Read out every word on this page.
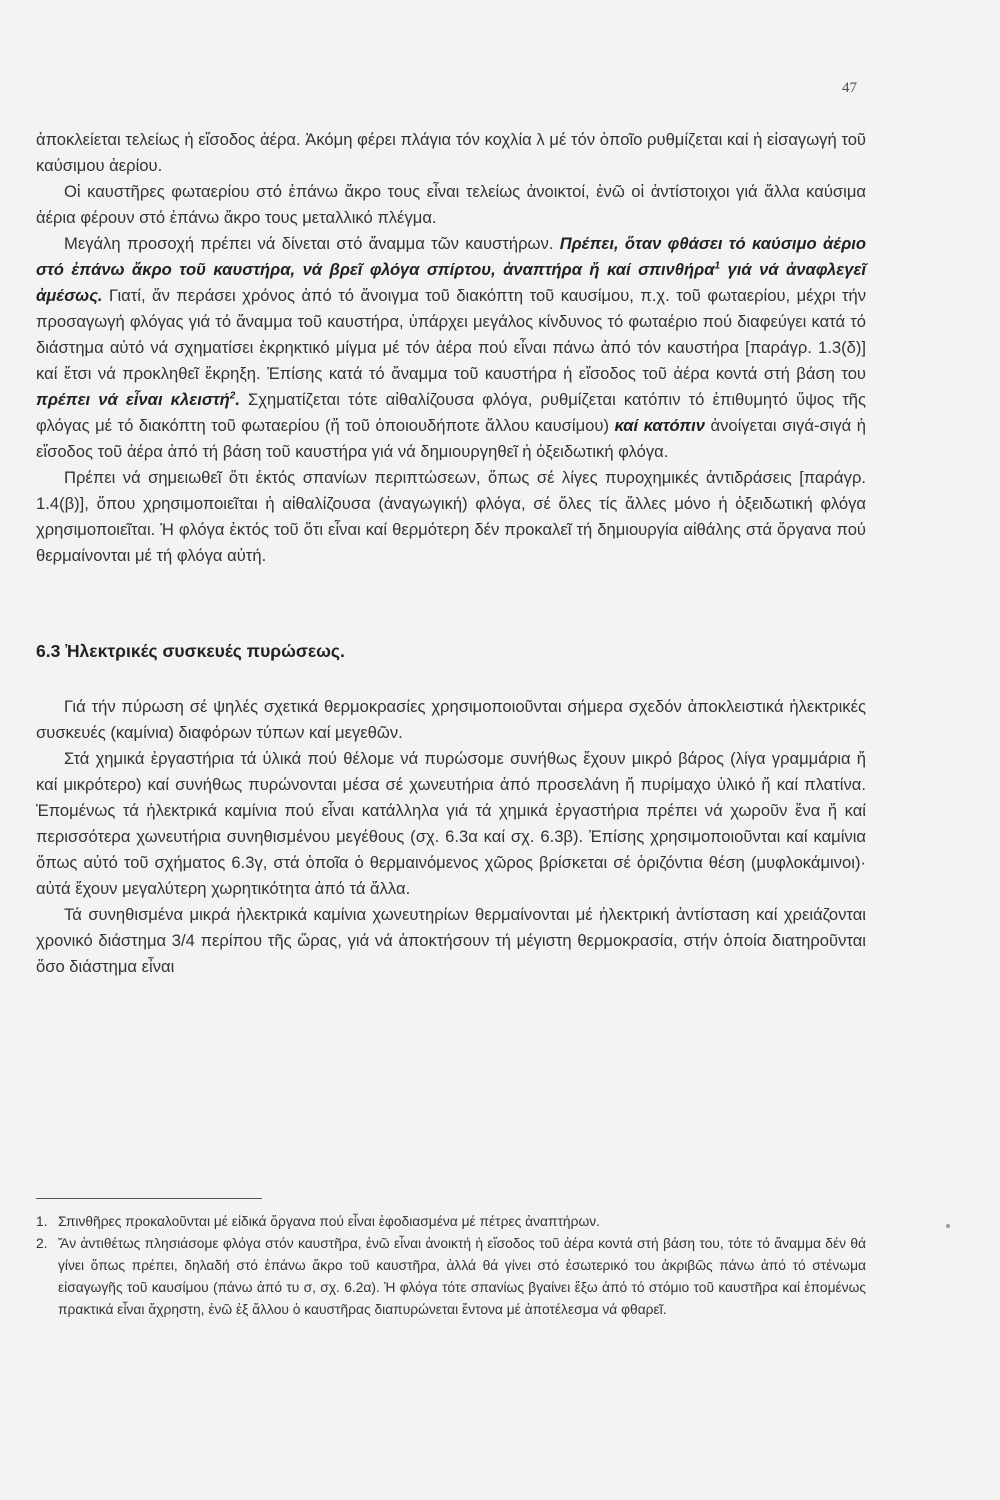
47

ἀποκλείεται τελείως ἡ εἴσοδος ἀέρα. Ἀκόμη φέρει πλάγια τόν κοχλία λ μέ τόν ὁποῖο ρυθμίζεται καί ἡ εἰσαγωγή τοῦ καύσιμου ἀερίου.

Οἱ καυστῆρες φωταερίου στό ἐπάνω ἄκρο τους εἶναι τελείως ἀνοικτοί, ἐνῶ οἱ ἀντίστοιχοι γιά ἄλλα καύσιμα ἀέρια φέρουν στό ἐπάνω ἄκρο τους μεταλλικό πλέγμα.

Μεγάλη προσοχή πρέπει νά δίνεται στό ἄναμμα τῶν καυστήρων. Πρέπει, ὅταν φθάσει τό καύσιμο ἀέριο στό ἐπάνω ἄκρο τοῦ καυστήρα, νά βρεῖ φλόγα σπίρτου, ἀναπτήρα ἤ καί σπινθήρα$^1$ γιά νά ἀναφλεγεῖ ἀμέσως. Γιατί, ἄν περάσει χρόνος ἀπό τό ἄνοιγμα τοῦ διακόπτη τοῦ καυσίμου, π.χ. τοῦ φωταερίου, μέχρι τήν προσαγωγή φλόγας γιά τό ἄναμμα τοῦ καυστήρα, ὑπάρχει μεγάλος κίνδυνος τό φωταέριο πού διαφεύγει κατά τό διάστημα αὐτό νά σχηματίσει ἐκρηκτικό μίγμα μέ τόν ἀέρα πού εἶναι πάνω ἀπό τόν καυστήρα [παράγρ. 1.3(δ)] καί ἔτσι νά προκληθεῖ ἔκρηξη. Ἐπίσης κατά τό ἄναμμα τοῦ καυστήρα ἡ εἴσοδος τοῦ ἀέρα κοντά στή βάση του πρέπει νά εἶναι κλειστή$^2$. Σχηματίζεται τότε αἰθαλίζουσα φλόγα, ρυθμίζεται κατόπιν τό ἐπιθυμητό ὕψος τῆς φλόγας μέ τό διακόπτη τοῦ φωταερίου (ἤ τοῦ ὁποιουδήποτε ἄλλου καυσίμου) καί κατόπιν ἀνοίγεται σιγά-σιγά ἡ εἴσοδος τοῦ ἀέρα ἀπό τή βάση τοῦ καυστήρα γιά νά δημιουργηθεῖ ἡ ὀξειδωτική φλόγα.

Πρέπει νά σημειωθεῖ ὅτι ἐκτός σπανίων περιπτώσεων, ὅπως σέ λίγες πυροχημικές ἀντιδράσεις [παράγρ. 1.4(β)], ὅπου χρησιμοποιεῖται ἡ αἰθαλίζουσα (ἀναγωγική) φλόγα, σέ ὅλες τίς ἄλλες μόνο ἡ ὀξειδωτική φλόγα χρησιμοποιεῖται. Ἡ φλόγα ἐκτός τοῦ ὅτι εἶναι καί θερμότερη δέν προκαλεῖ τή δημιουργία αἰθάλης στά ὄργανα πού θερμαίνονται μέ τή φλόγα αὐτή.

6.3 Ἠλεκτρικές συσκευές πυρώσεως.

Γιά τήν πύρωση σέ ψηλές σχετικά θερμοκρασίες χρησιμοποιοῦνται σήμερα σχεδόν ἀποκλειστικά ἠλεκτρικές συσκευές (καμίνια) διαφόρων τύπων καί μεγεθῶν.

Στά χημικά ἐργαστήρια τά ὑλικά πού θέλομε νά πυρώσομε συνήθως ἔχουν μικρό βάρος (λίγα γραμμάρια ἤ καί μικρότερο) καί συνήθως πυρώνονται μέσα σέ χωνευτήρια ἀπό προσελάνη ἤ πυρίμαχο ὑλικό ἤ καί πλατίνα. Ἑπομένως τά ἠλεκτρικά καμίνια πού εἶναι κατάλληλα γιά τά χημικά ἐργαστήρια πρέπει νά χωροῦν ἕνα ἤ καί περισσότερα χωνευτήρια συνηθισμένου μεγέθους (σχ. 6.3α καί σχ. 6.3β). Ἐπίσης χρησιμοποιοῦνται καί καμίνια ὅπως αὐτό τοῦ σχήματος 6.3γ, στά ὁποῖα ὁ θερμαινόμενος χῶρος βρίσκεται σέ ὁριζόντια θέση (μυφλοκάμινοι)· αὐτά ἔχουν μεγαλύτερη χωρητικότητα ἀπό τά ἄλλα.

Τά συνηθισμένα μικρά ἠλεκτρικά καμίνια χωνευτηρίων θερμαίνονται μέ ἠλεκτρική ἀντίσταση καί χρειάζονται χρονικό διάστημα 3/4 περίπου τῆς ὥρας, γιά νά ἀποκτήσουν τή μέγιστη θερμοκρασία, στήν ὁποία διατηροῦνται ὅσο διάστημα εἶναι

1. Σπινθῆρες προκαλοῦνται μέ εἰδικά ὄργανα πού εἶναι ἐφοδιασμένα μέ πέτρες ἀναπτήρων.
2. Ἄν ἀντιθέτως πλησιάσομε φλόγα στόν καυστῆρα, ἐνῶ εἶναι ἀνοικτή ἡ εἴσοδος τοῦ ἀέρα κοντά στή βάση του, τότε τό ἄναμμα δέν θά γίνει ὅπως πρέπει, δηλαδή στό ἐπάνω ἄκρο τοῦ καυστῆρα, ἀλλά θά γίνει στό ἐσωτερικό του ἀκριβῶς πάνω ἀπό τό στένωμα εἰσαγωγῆς τοῦ καυσίμου (πάνω ἀπό τυ σ, σχ. 6.2α). Ἡ φλόγα τότε σπανίως βγαίνει ἔξω ἀπό τό στόμιο τοῦ καυστῆρα καί ἑπομένως πρακτικά εἶναι ἄχρηστη, ἐνῶ ἐξ ἄλλου ὁ καυστῆρας διαπυρώνεται ἔντονα μέ ἀποτέλεσμα νά φθαρεῖ.
